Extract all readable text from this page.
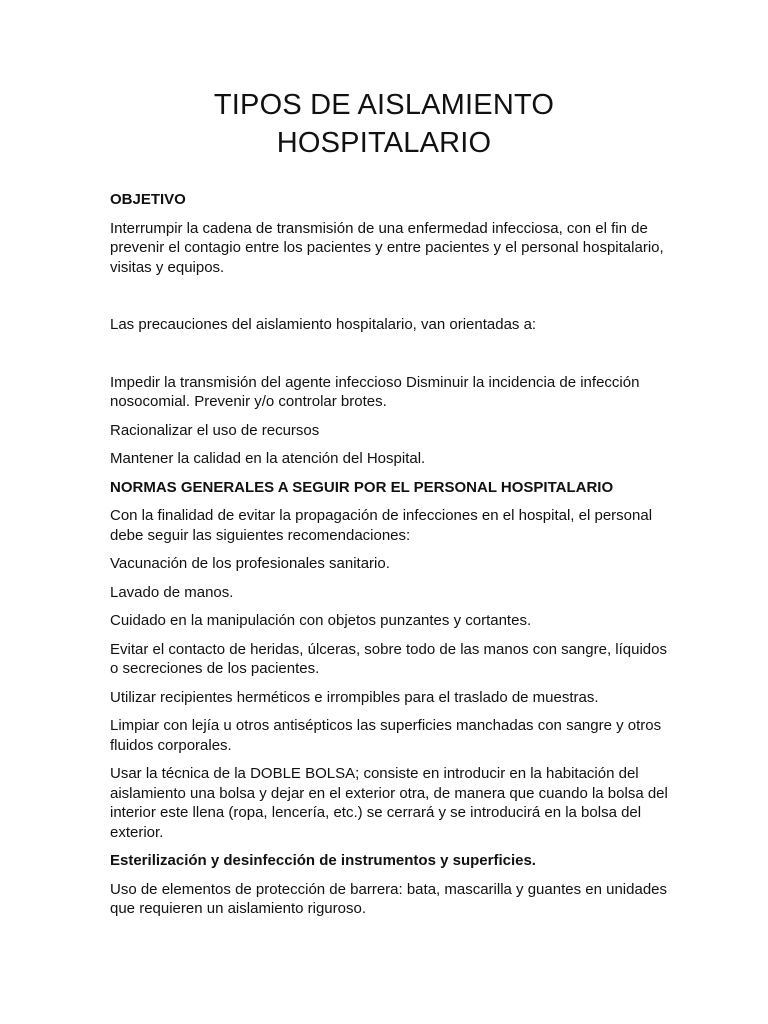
TIPOS DE AISLAMIENTO
HOSPITALARIO

OBJETIVO

Interrumpir la cadena de transmisión de una enfermedad infecciosa, con el fin de prevenir el contagio entre los pacientes y entre pacientes y el personal hospitalario, visitas y equipos.

Las precauciones del aislamiento hospitalario, van orientadas a:

Impedir la transmisión del agente infeccioso Disminuir la incidencia de infección nosocomial. Prevenir y/o controlar brotes.

Racionalizar el uso de recursos

Mantener la calidad en la atención del Hospital.

NORMAS GENERALES A SEGUIR POR EL PERSONAL HOSPITALARIO

Con la finalidad de evitar la propagación de infecciones en el hospital, el personal debe seguir las siguientes recomendaciones:

Vacunación de los profesionales sanitario.

Lavado de manos.

Cuidado en la manipulación con objetos punzantes y cortantes.

Evitar el contacto de heridas, úlceras, sobre todo de las manos con sangre, líquidos o secreciones de los pacientes.

Utilizar recipientes herméticos e irrompibles para el traslado de muestras.

Limpiar con lejía u otros antisépticos las superficies manchadas con sangre y otros fluidos corporales.

Usar la técnica de la DOBLE BOLSA; consiste en introducir en la habitación del aislamiento una bolsa y dejar en el exterior otra, de manera que cuando la bolsa del interior este llena (ropa, lencería, etc.) se cerrará y se introducirá en la bolsa del exterior.

Esterilización y desinfección de instrumentos y superficies.

Uso de elementos de protección de barrera: bata, mascarilla y guantes en unidades que requieren un aislamiento riguroso.
